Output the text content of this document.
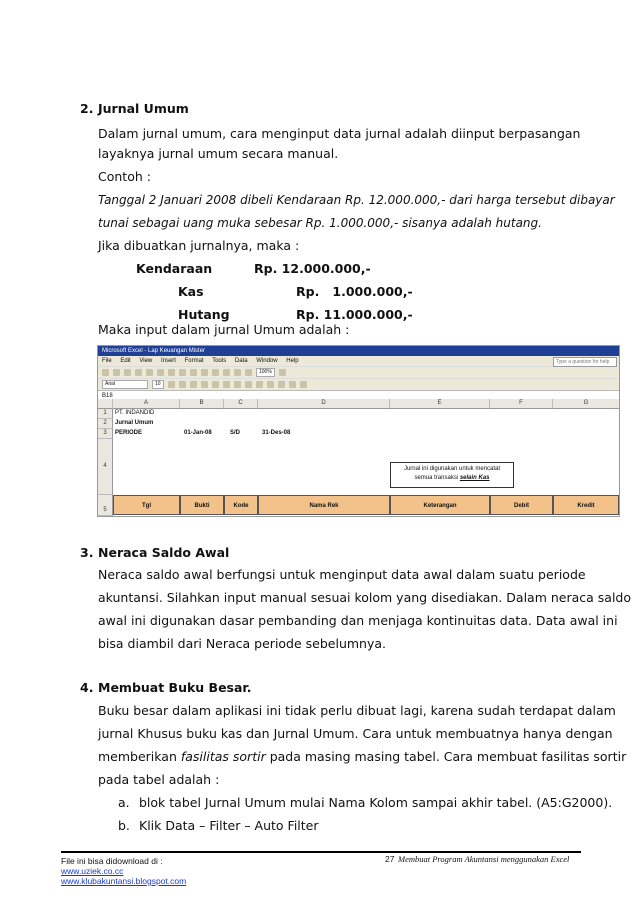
2. Jurnal Umum
Dalam jurnal umum, cara menginput data jurnal adalah diinput berpasangan
layaknya jurnal umum secara manual.
Contoh :
Tanggal 2 Januari 2008 dibeli Kendaraan Rp. 12.000.000,- dari harga tersebut dibayar
tunai sebagai uang muka sebesar Rp. 1.000.000,- sisanya adalah hutang.
Jika dibuatkan jurnalnya, maka :
Kendaraan	Rp. 12.000.000,-
Kas	Rp.   1.000.000,-
Hutang	Rp. 11.000.000,-
Maka input dalam jurnal Umum adalah :
Microsoft Excel - Lap Keuangan Mister
File Edit View Insert Format Tools Data Window Help	Type a question for help
100%
Arial	10
B18
A	B	C	D	E	F	G
1
2
3
4
5
PT. INDANDID
Jurnal Umum
PERIODE	01-Jan-08	S/D	31-Des-08
Jurnal ini digunakan untuk mencatat
semua transaksi selain Kas
Tgl	Bukti	Kode	Nama Rek	Keterangan	Debit	Kredit
3. Neraca Saldo Awal
Neraca saldo awal berfungsi untuk menginput data awal dalam suatu periode
akuntansi. Silahkan input manual sesuai kolom yang disediakan. Dalam neraca saldo
awal ini digunakan dasar pembanding dan menjaga kontinuitas data. Data awal ini
bisa diambil dari Neraca periode sebelumnya.
4. Membuat Buku Besar.
Buku besar dalam aplikasi ini tidak perlu dibuat lagi, karena sudah terdapat dalam
jurnal Khusus buku kas dan Jurnal Umum. Cara untuk membuatnya hanya dengan
memberikan fasilitas sortir pada masing masing tabel. Cara membuat fasilitas sortir
pada tabel adalah :
a. blok tabel Jurnal Umum mulai Nama Kolom sampai akhir tabel. (A5:G2000).
b. Klik Data – Filter – Auto Filter
File ini bisa didownload di :
www.uziek.co.cc
www.klubakuntansi.blogspot.com
27 Membuat Program Akuntansi menggunakan Excel
